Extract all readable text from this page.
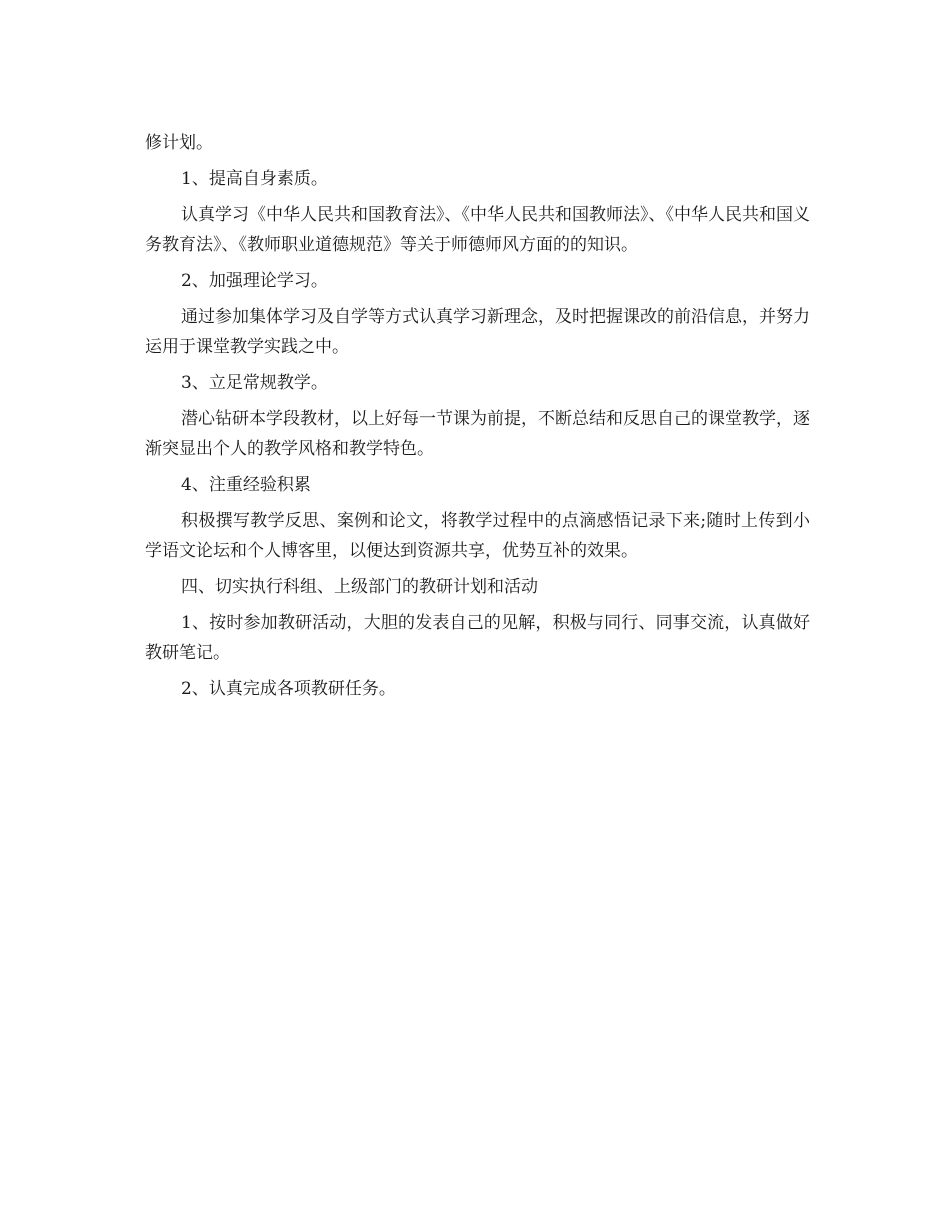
修计划。

1、提高自身素质。

认真学习《中华人民共和国教育法》、《中华人民共和国教师法》、《中华人民共和国义务教育法》、《教师职业道德规范》等关于师德师风方面的的知识。

2、加强理论学习。

通过参加集体学习及自学等方式认真学习新理念，及时把握课改的前沿信息，并努力运用于课堂教学实践之中。

3、立足常规教学。

潜心钻研本学段教材，以上好每一节课为前提，不断总结和反思自己的课堂教学，逐渐突显出个人的教学风格和教学特色。

4、注重经验积累

积极撰写教学反思、案例和论文，将教学过程中的点滴感悟记录下来;随时上传到小学语文论坛和个人博客里，以便达到资源共享，优势互补的效果。

四、切实执行科组、上级部门的教研计划和活动

1、按时参加教研活动，大胆的发表自己的见解，积极与同行、同事交流，认真做好教研笔记。

2、认真完成各项教研任务。
